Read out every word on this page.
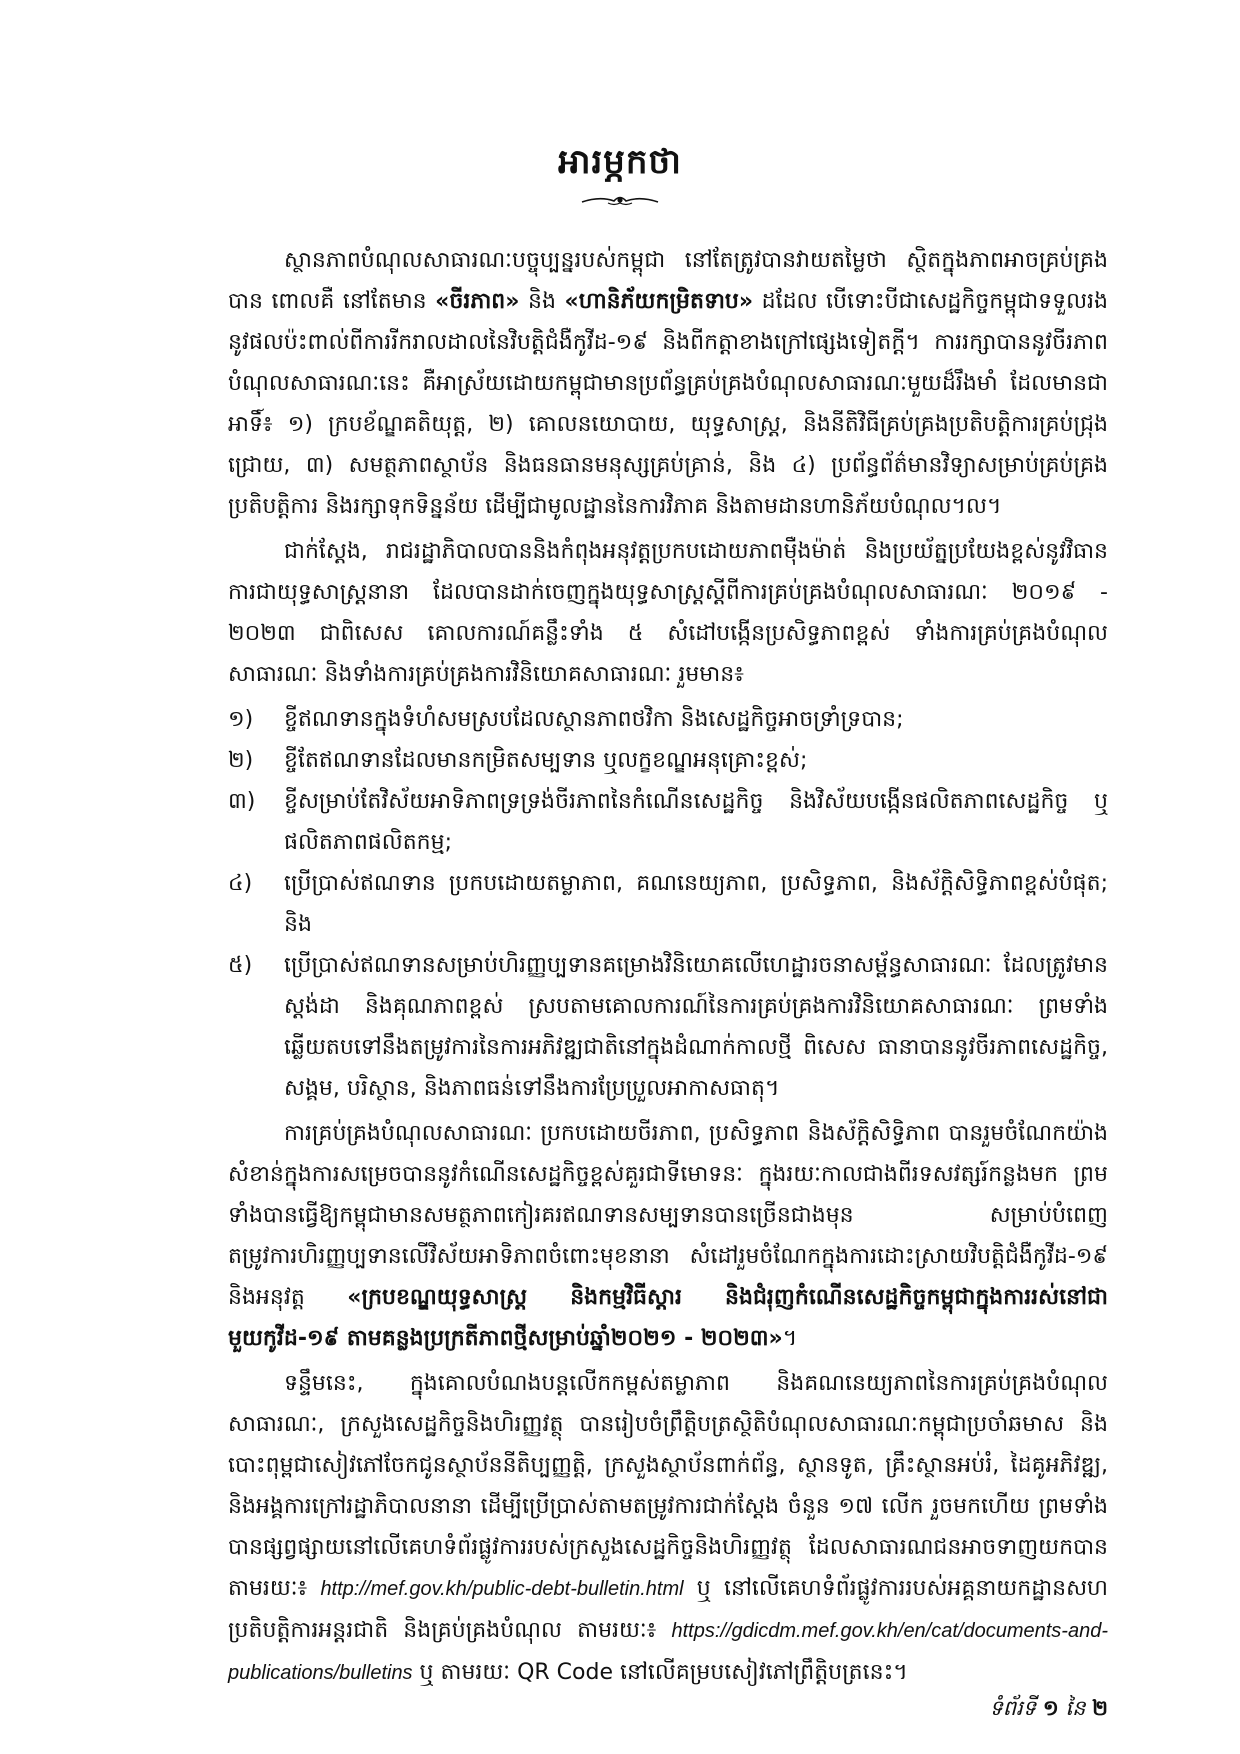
អារម្ភកថា

ស្ថានភាពបំណុលសាធារណៈបច្ចុប្បន្នរបស់កម្ពុជា នៅតែត្រូវបានវាយតម្លៃថា ស្ថិតក្នុងភាពអាចគ្រប់គ្រងបាន ពោលគឺ នៅតែមាន «ចីរភាព» និង «ហានិភ័យកម្រិតទាប» ដដែល បើទោះបីជាសេដ្ឋកិច្ចកម្ពុជាទទួលរងនូវផលប៉ះពាល់ពីការរីករាលដាលនៃវិបត្តិជំងឺកូវីដ-១៩ និងពីកត្តាខាងក្រៅផ្សេងទៀតក្តី។ ការរក្សាបាននូវចីរភាពបំណុលសាធារណៈនេះ គឺអាស្រ័យដោយកម្ពុជាមានប្រព័ន្ធគ្រប់គ្រងបំណុលសាធារណៈមួយដ៏រឹងមាំ ដែលមានជាអាទិ៍៖ ១) ក្របខ័ណ្ឌគតិយុត្ត, ២) គោលនយោបាយ, យុទ្ធសាស្ត្រ, និងនីតិវិធីគ្រប់គ្រងប្រតិបត្តិការគ្រប់ជ្រុងជ្រោយ, ៣) សមត្ថភាពស្ថាប័ន និងធនធានមនុស្សគ្រប់គ្រាន់, និង ៤) ប្រព័ន្ធព័ត៌មានវិទ្យាសម្រាប់គ្រប់គ្រងប្រតិបត្តិការ និងរក្សាទុកទិន្នន័យ ដើម្បីជាមូលដ្ឋាននៃការវិភាគ និងតាមដានហានិភ័យបំណុល។ល។

ជាក់ស្តែង, រាជរដ្ឋាភិបាលបាននិងកំពុងអនុវត្តប្រកបដោយភាពម៉ឺងម៉ាត់ និងប្រយ័ត្នប្រយែងខ្ពស់នូវវិធានការជាយុទ្ធសាស្ត្រនានា ដែលបានដាក់ចេញក្នុងយុទ្ធសាស្ត្រស្តីពីការគ្រប់គ្រងបំណុលសាធារណៈ ២០១៩ - ២០២៣ ជាពិសេស គោលការណ៍គន្លឹះទាំង ៥ សំដៅបង្កើនប្រសិទ្ធភាពខ្ពស់ ទាំងការគ្រប់គ្រងបំណុលសាធារណៈ និងទាំងការគ្រប់គ្រងការវិនិយោគសាធារណៈ រួមមាន៖

១)	ខ្ចីឥណទានក្នុងទំហំសមស្របដែលស្ថានភាពថវិកា និងសេដ្ឋកិច្ចអាចទ្រាំទ្របាន;
២)	ខ្ចីតែឥណទានដែលមានកម្រិតសម្បទាន ឬលក្ខខណ្ឌអនុគ្រោះខ្ពស់;
៣)	ខ្ចីសម្រាប់តែវិស័យអាទិភាពទ្រទ្រង់ចីរភាពនៃកំណើនសេដ្ឋកិច្ច និងវិស័យបង្កើនផលិតភាពសេដ្ឋកិច្ច ឬផលិតភាពផលិតកម្ម;
៤)	ប្រើប្រាស់ឥណទាន ប្រកបដោយតម្លាភាព, គណនេយ្យភាព, ប្រសិទ្ធភាព, និងស័ក្តិសិទ្ធិភាពខ្ពស់បំផុត; និង
៥)	ប្រើប្រាស់ឥណទានសម្រាប់ហិរញ្ញប្បទានគម្រោងវិនិយោគលើហេដ្ឋារចនាសម្ព័ន្ធសាធារណៈ ដែលត្រូវមានស្តង់ដា និងគុណភាពខ្ពស់ ស្របតាមគោលការណ៍នៃការគ្រប់គ្រងការវិនិយោគសាធារណៈ ព្រមទាំងឆ្លើយតបទៅនឹងតម្រូវការនៃការអភិវឌ្ឍជាតិនៅក្នុងដំណាក់កាលថ្មី ពិសេស ធានាបាននូវចីរភាពសេដ្ឋកិច្ច, សង្គម, បរិស្ថាន, និងភាពធន់ទៅនឹងការប្រែប្រួលអាកាសធាតុ។

ការគ្រប់គ្រងបំណុលសាធារណៈ ប្រកបដោយចីរភាព, ប្រសិទ្ធភាព និងស័ក្តិសិទ្ធិភាព បានរួមចំណែកយ៉ាងសំខាន់ក្នុងការសម្រេចបាននូវកំណើនសេដ្ឋកិច្ចខ្ពស់គួរជាទីមោទនៈ ក្នុងរយៈកាលជាងពីរទសវត្សរ៍កន្លងមក ព្រមទាំងបានធ្វើឱ្យកម្ពុជាមានសមត្ថភាពកៀរគរឥណទានសម្បទានបានច្រើនជាងមុន សម្រាប់បំពេញតម្រូវការហិរញ្ញប្បទានលើវិស័យអាទិភាពចំពោះមុខនានា សំដៅរួមចំណែកក្នុងការដោះស្រាយវិបត្តិជំងឺកូវីដ-១៩ និងអនុវត្ត «ក្របខណ្ឌយុទ្ធសាស្ត្រ និងកម្មវិធីស្តារ និងជំរុញកំណើនសេដ្ឋកិច្ចកម្ពុជាក្នុងការរស់នៅជាមួយកូវីដ-១៩ តាមគន្លងប្រក្រតីភាពថ្មីសម្រាប់ឆ្នាំ២០២១ - ២០២៣»។

ទន្ទឹមនេះ, ក្នុងគោលបំណងបន្តលើកកម្ពស់តម្លាភាព និងគណនេយ្យភាពនៃការគ្រប់គ្រងបំណុលសាធារណៈ, ក្រសួងសេដ្ឋកិច្ចនិងហិរញ្ញវត្ថុ បានរៀបចំព្រឹត្តិបត្រស្ថិតិបំណុលសាធារណៈកម្ពុជាប្រចាំឆមាស និងបោះពុម្ពជាសៀវភៅចែកជូនស្ថាប័ននីតិប្បញ្ញត្តិ, ក្រសួងស្ថាប័នពាក់ព័ន្ធ, ស្ថានទូត, គ្រឹះស្ថានអប់រំ, ដៃគូអភិវឌ្ឍ, និងអង្គការក្រៅរដ្ឋាភិបាលនានា ដើម្បីប្រើប្រាស់តាមតម្រូវការជាក់ស្តែង ចំនួន ១៧ លើក រួចមកហើយ ព្រមទាំងបានផ្សព្វផ្សាយនៅលើគេហទំព័រផ្លូវការរបស់ក្រសួងសេដ្ឋកិច្ចនិងហិរញ្ញវត្ថុ ដែលសាធារណជនអាចទាញយកបានតាមរយៈ៖ http://mef.gov.kh/public-debt-bulletin.html ឬ នៅលើគេហទំព័រផ្លូវការរបស់អគ្គនាយកដ្ឋានសហប្រតិបត្តិការអន្តរជាតិ និងគ្រប់គ្រងបំណុល តាមរយៈ៖ https://gdicdm.mef.gov.kh/en/cat/documents-and-publications/bulletins ឬ តាមរយៈ QR Code នៅលើគម្របសៀវភៅព្រឹត្តិបត្រនេះ។

ទំព័រទី ១ នៃ ២
